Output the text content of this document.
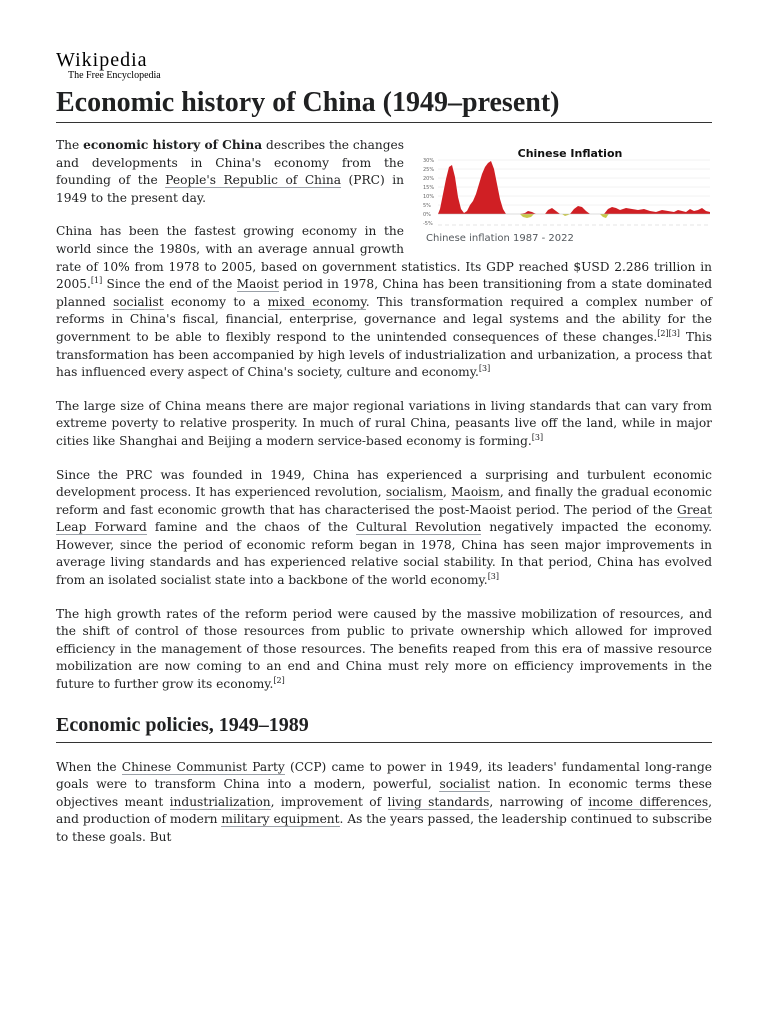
Wikipedia
The Free Encyclopedia
Economic history of China (1949–present)
Chinese Inflation
30%
25%
20%
15%
10%
5%
0%
-5%
Chinese inflation 1987 - 2022

The economic history of China describes the changes and developments in China's economy from the founding of the People's Republic of China (PRC) in 1949 to the present day.

China has been the fastest growing economy in the world since the 1980s, with an average annual growth rate of 10% from 1978 to 2005, based on government statistics. Its GDP reached $USD 2.286 trillion in 2005.[1] Since the end of the Maoist period in 1978, China has been transitioning from a state dominated planned socialist economy to a mixed economy. This transformation required a complex number of reforms in China's fiscal, financial, enterprise, governance and legal systems and the ability for the government to be able to flexibly respond to the unintended consequences of these changes.[2][3] This transformation has been accompanied by high levels of industrialization and urbanization, a process that has influenced every aspect of China's society, culture and economy.[3]

The large size of China means there are major regional variations in living standards that can vary from extreme poverty to relative prosperity. In much of rural China, peasants live off the land, while in major cities like Shanghai and Beijing a modern service-based economy is forming.[3]

Since the PRC was founded in 1949, China has experienced a surprising and turbulent economic development process. It has experienced revolution, socialism, Maoism, and finally the gradual economic reform and fast economic growth that has characterised the post-Maoist period. The period of the Great Leap Forward famine and the chaos of the Cultural Revolution negatively impacted the economy. However, since the period of economic reform began in 1978, China has seen major improvements in average living standards and has experienced relative social stability. In that period, China has evolved from an isolated socialist state into a backbone of the world economy.[3]

The high growth rates of the reform period were caused by the massive mobilization of resources, and the shift of control of those resources from public to private ownership which allowed for improved efficiency in the management of those resources. The benefits reaped from this era of massive resource mobilization are now coming to an end and China must rely more on efficiency improvements in the future to further grow its economy.[2]

Economic policies, 1949–1989

When the Chinese Communist Party (CCP) came to power in 1949, its leaders' fundamental long-range goals were to transform China into a modern, powerful, socialist nation. In economic terms these objectives meant industrialization, improvement of living standards, narrowing of income differences, and production of modern military equipment. As the years passed, the leadership continued to subscribe to these goals. But
